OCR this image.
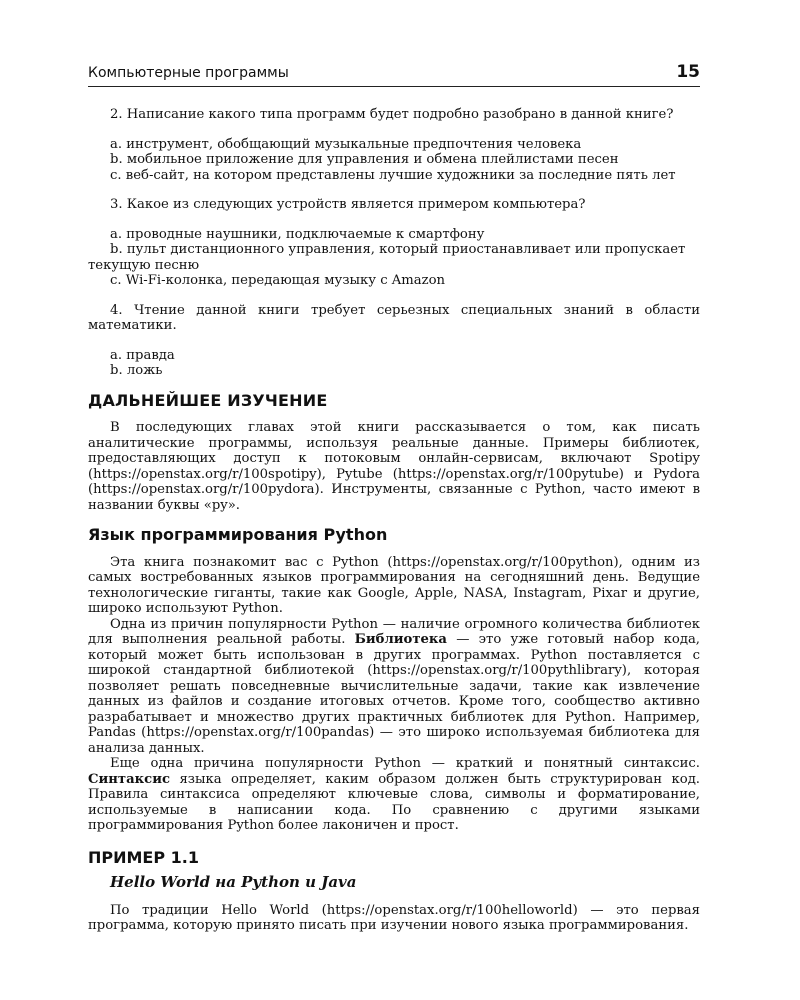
Компьютерные программы	15

2. Написание какого типа программ будет подробно разобрано в данной книге?

a. инструмент, обобщающий музыкальные предпочтения человека

b. мобильное приложение для управления и обмена плейлистами песен

c. веб-сайт, на котором представлены лучшие художники за последние пять лет

3. Какое из следующих устройств является примером компьютера?

a. проводные наушники, подключаемые к смартфону

b. пульт дистанционного управления, который приостанавливает или пропускает текущую песню

c. Wi-Fi-колонка, передающая музыку с Amazon

4. Чтение данной книги требует серьезных специальных знаний в области математики.

a. правда

b. ложь

ДАЛЬНЕЙШЕЕ ИЗУЧЕНИЕ

В последующих главах этой книги рассказывается о том, как писать аналитические программы, используя реальные данные. Примеры библиотек, предоставляющих доступ к потоковым онлайн-сервисам, включают Spotipy (https://openstax.org/r/100spotipy), Pytube (https://openstax.org/r/100pytube) и Pydora (https://openstax.org/r/100pydora). Инструменты, связанные с Python, часто имеют в названии буквы «py».

Язык программирования Python

Эта книга познакомит вас с Python (https://openstax.org/r/100python), одним из самых востребованных языков программирования на сегодняшний день. Ведущие технологические гиганты, такие как Google, Apple, NASA, Instagram, Pixar и другие, широко используют Python.

Одна из причин популярности Python — наличие огромного количества библиотек для выполнения реальной работы. Библиотека — это уже готовый набор кода, который может быть использован в других программах. Python поставляется с широкой стандартной библиотекой (https://openstax.org/r/100pythlibrary), которая позволяет решать повседневные вычислительные задачи, такие как извлечение данных из файлов и создание итоговых отчетов. Кроме того, сообщество активно разрабатывает и множество других практичных библиотек для Python. Например, Pandas (https://openstax.org/r/100pandas) — это широко используемая библиотека для анализа данных.

Еще одна причина популярности Python — краткий и понятный синтаксис. Синтаксис языка определяет, каким образом должен быть структурирован код. Правила синтаксиса определяют ключевые слова, символы и форматирование, используемые в написании кода. По сравнению с другими языками программирования Python более лаконичен и прост.

ПРИМЕР 1.1
Hello World на Python и Java

По традиции Hello World (https://openstax.org/r/100helloworld) — это первая программа, которую принято писать при изучении нового языка программирования.
